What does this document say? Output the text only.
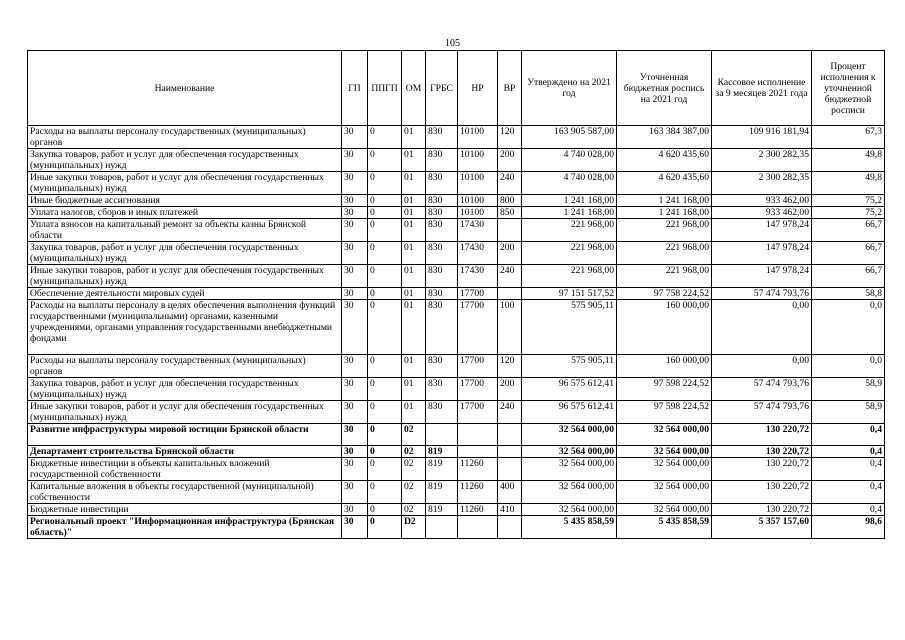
105
Наименование	ГП	ППГП	ОМ	ГРБС	НР	ВР	Утверждено на 2021 год	Уточненная бюджетная роспись на 2021 год	Кассовое исполнение за 9 месяцев 2021 года	Процент исполнения к уточненной бюджетной росписи
Расходы на выплаты персоналу государственных (муниципальных) органов	30	0	01	830	10100	120	163 905 587,00	163 384 387,00	109 916 181,94	67,3
Закупка товаров, работ и услуг для обеспечения государственных (муниципальных) нужд	30	0	01	830	10100	200	4 740 028,00	4 620 435,60	2 300 282,35	49,8
Иные закупки товаров, работ и услуг для обеспечения государственных (муниципальных) нужд	30	0	01	830	10100	240	4 740 028,00	4 620 435,60	2 300 282,35	49,8
Иные бюджетные ассигнования	30	0	01	830	10100	800	1 241 168,00	1 241 168,00	933 462,00	75,2
Уплата налогов, сборов и иных платежей	30	0	01	830	10100	850	1 241 168,00	1 241 168,00	933 462,00	75,2
Уплата взносов на капитальный ремонт за объекты казны Брянской области	30	0	01	830	17430		221 968,00	221 968,00	147 978,24	66,7
Закупка товаров, работ и услуг для обеспечения государственных (муниципальных) нужд	30	0	01	830	17430	200	221 968,00	221 968,00	147 978,24	66,7
Иные закупки товаров, работ и услуг для обеспечения государственных (муниципальных) нужд	30	0	01	830	17430	240	221 968,00	221 968,00	147 978,24	66,7
Обеспечение деятельности мировых судей	30	0	01	830	17700		97 151 517,52	97 758 224,52	57 474 793,76	58,8
Расходы на выплаты персоналу в целях обеспечения выполнения функций государственными (муниципальными) органами, казенными учреждениями, органами управления государственными внебюджетными фондами	30	0	01	830	17700	100	575 905,11	160 000,00	0,00	0,0
Расходы на выплаты персоналу государственных (муниципальных) органов	30	0	01	830	17700	120	575 905,11	160 000,00	0,00	0,0
Закупка товаров, работ и услуг для обеспечения государственных (муниципальных) нужд	30	0	01	830	17700	200	96 575 612,41	97 598 224,52	57 474 793,76	58,9
Иные закупки товаров, работ и услуг для обеспечения государственных (муниципальных) нужд	30	0	01	830	17700	240	96 575 612,41	97 598 224,52	57 474 793,76	58,9
Развитие инфраструктуры мировой юстиции Брянской области	30	0	02				32 564 000,00	32 564 000,00	130 220,72	0,4
Департамент строительства Брянской области	30	0	02	819			32 564 000,00	32 564 000,00	130 220,72	0,4
Бюджетные инвестиции в объекты капитальных вложений государственной собственности	30	0	02	819	11260		32 564 000,00	32 564 000,00	130 220,72	0,4
Капитальные вложения в объекты государственной (муниципальной) собственности	30	0	02	819	11260	400	32 564 000,00	32 564 000,00	130 220,72	0,4
Бюджетные инвестиции	30	0	02	819	11260	410	32 564 000,00	32 564 000,00	130 220,72	0,4
Региональный проект "Информационная инфраструктура (Брянская область)"	30	0	D2				5 435 858,59	5 435 858,59	5 357 157,60	98,6
